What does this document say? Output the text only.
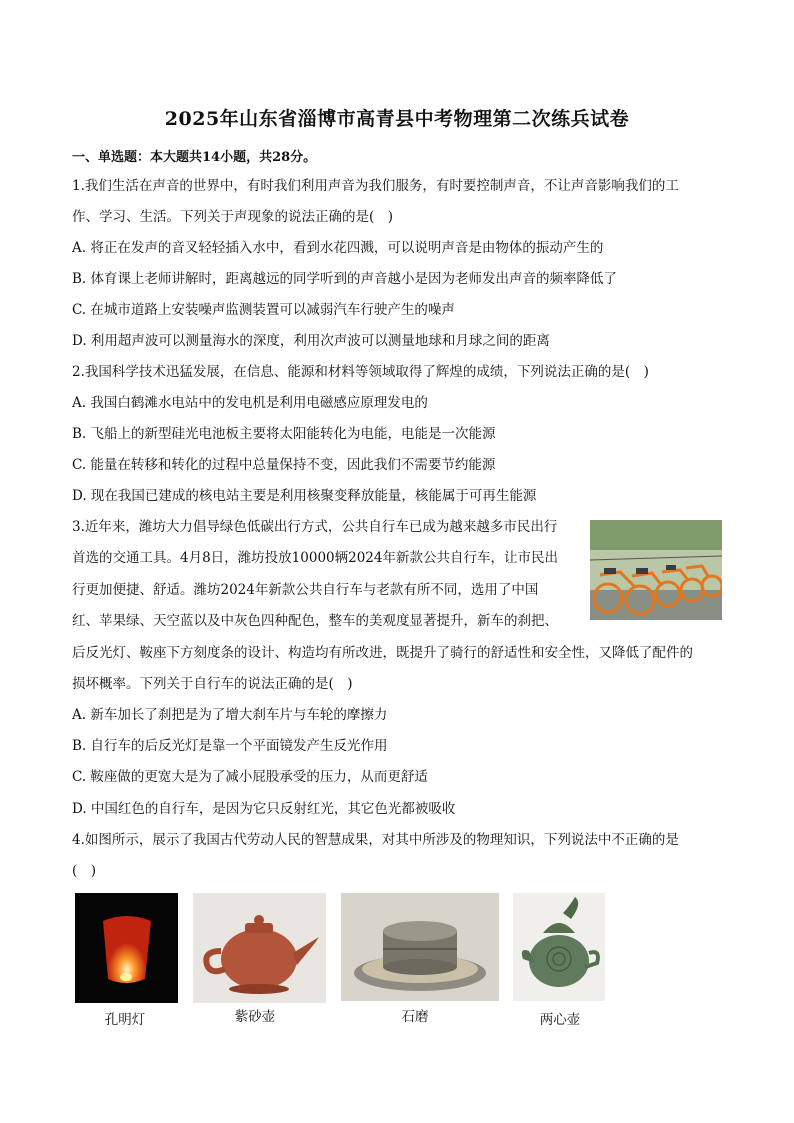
2025年山东省淄博市高青县中考物理第二次练兵试卷
一、单选题：本大题共14小题，共28分。
1.我们生活在声音的世界中，有时我们利用声音为我们服务，有时要控制声音，不让声音影响我们的工
作、学习、生活。下列关于声现象的说法正确的是(　)
A. 将正在发声的音叉轻轻插入水中，看到水花四溅，可以说明声音是由物体的振动产生的
B. 体育课上老师讲解时，距离越远的同学听到的声音越小是因为老师发出声音的频率降低了
C. 在城市道路上安装噪声监测装置可以减弱汽车行驶产生的噪声
D. 利用超声波可以测量海水的深度，利用次声波可以测量地球和月球之间的距离
2.我国科学技术迅猛发展，在信息、能源和材料等领域取得了辉煌的成绩，下列说法正确的是(　)
A. 我国白鹤滩水电站中的发电机是利用电磁感应原理发电的
B. 飞船上的新型硅光电池板主要将太阳能转化为电能，电能是一次能源
C. 能量在转移和转化的过程中总量保持不变，因此我们不需要节约能源
D. 现在我国已建成的核电站主要是利用核聚变释放能量，核能属于可再生能源
3.近年来，潍坊大力倡导绿色低碳出行方式，公共自行车已成为越来越多市民出行
首选的交通工具。4月8日，潍坊投放10000辆2024年新款公共自行车，让市民出
行更加便捷、舒适。潍坊2024年新款公共自行车与老款有所不同，选用了中国
红、苹果绿、天空蓝以及中灰色四种配色，整车的美观度显著提升，新车的刹把、
后反光灯、鞍座下方刻度条的设计、构造均有所改进，既提升了骑行的舒适性和安全性，又降低了配件的
损坏概率。下列关于自行车的说法正确的是(　)
A. 新车加长了刹把是为了增大刹车片与车轮的摩擦力
B. 自行车的后反光灯是靠一个平面镜发产生反光作用
C. 鞍座做的更宽大是为了减小屁股承受的压力，从而更舒适
D. 中国红色的自行车，是因为它只反射红光，其它色光都被吸收
4.如图所示，展示了我国古代劳动人民的智慧成果，对其中所涉及的物理知识，下列说法中不正确的是
(　)
孔明灯	紫砂壶	石磨	两心壶
